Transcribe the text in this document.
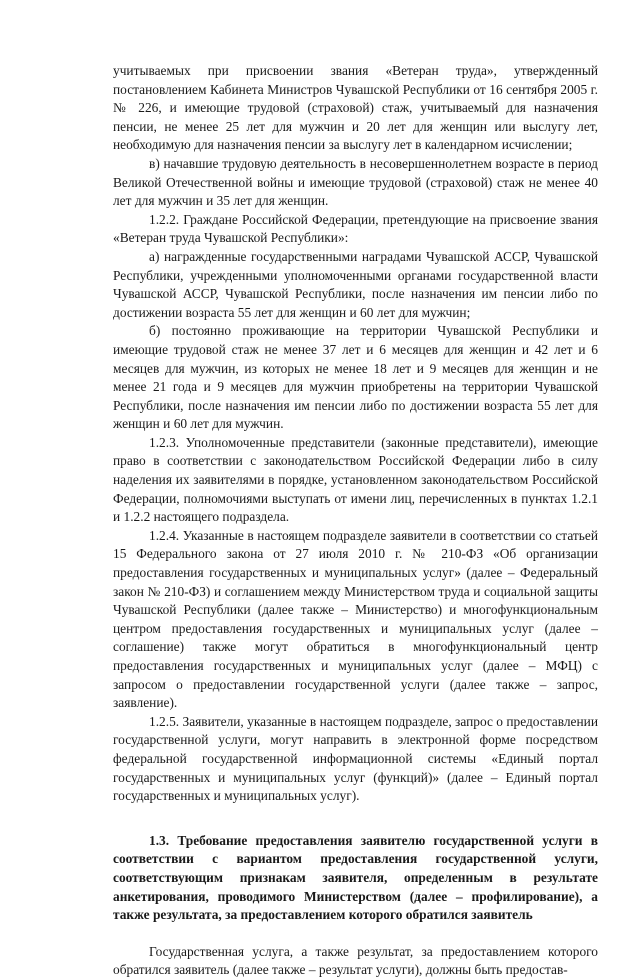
учитываемых при присвоении звания «Ветеран труда», утвержденный постановлением Кабинета Министров Чувашской Республики от 16 сентября 2005 г. № 226, и имеющие трудовой (страховой) стаж, учитываемый для назначения пенсии, не менее 25 лет для мужчин и 20 лет для женщин или выслугу лет, необходимую для назначения пенсии за выслугу лет в календарном исчислении;

в) начавшие трудовую деятельность в несовершеннолетнем возрасте в период Великой Отечественной войны и имеющие трудовой (страховой) стаж не менее 40 лет для мужчин и 35 лет для женщин.

1.2.2. Граждане Российской Федерации, претендующие на присвоение звания «Ветеран труда Чувашской Республики»:

а) награжденные государственными наградами Чувашской АССР, Чувашской Республики, учрежденными уполномоченными органами государственной власти Чувашской АССР, Чувашской Республики, после назначения им пенсии либо по достижении возраста 55 лет для женщин и 60 лет для мужчин;

б) постоянно проживающие на территории Чувашской Республики и имеющие трудовой стаж не менее 37 лет и 6 месяцев для женщин и 42 лет и 6 месяцев для мужчин, из которых не менее 18 лет и 9 месяцев для женщин и не менее 21 года и 9 месяцев для мужчин приобретены на территории Чувашской Республики, после назначения им пенсии либо по достижении возраста 55 лет для женщин и 60 лет для мужчин.

1.2.3. Уполномоченные представители (законные представители), имеющие право в соответствии с законодательством Российской Федерации либо в силу наделения их заявителями в порядке, установленном законодательством Российской Федерации, полномочиями выступать от имени лиц, перечисленных в пунктах 1.2.1 и 1.2.2 настоящего подраздела.

1.2.4. Указанные в настоящем подразделе заявители в соответствии со статьей 15 Федерального закона от 27 июля 2010 г. № 210-ФЗ «Об организации предоставления государственных и муниципальных услуг» (далее – Федеральный закон № 210-ФЗ) и соглашением между Министерством труда и социальной защиты Чувашской Республики (далее также – Министерство) и многофункциональным центром предоставления государственных и муниципальных услуг (далее – соглашение) также могут обратиться в многофункциональный центр предоставления государственных и муниципальных услуг (далее – МФЦ) с запросом о предоставлении государственной услуги (далее также – запрос, заявление).

1.2.5. Заявители, указанные в настоящем подразделе, запрос о предоставлении государственной услуги, могут направить в электронной форме посредством федеральной государственной информационной системы «Единый портал государственных и муниципальных услуг (функций)» (далее – Единый портал государственных и муниципальных услуг).

1.3. Требование предоставления заявителю государственной услуги в соответствии с вариантом предоставления государственной услуги, соответствующим признакам заявителя, определенным в результате анкетирования, проводимого Министерством (далее – профилирование), а также результата, за предоставлением которого обратился заявитель

Государственная услуга, а также результат, за предоставлением которого обратился заявитель (далее также – результат услуги), должны быть предостав-
